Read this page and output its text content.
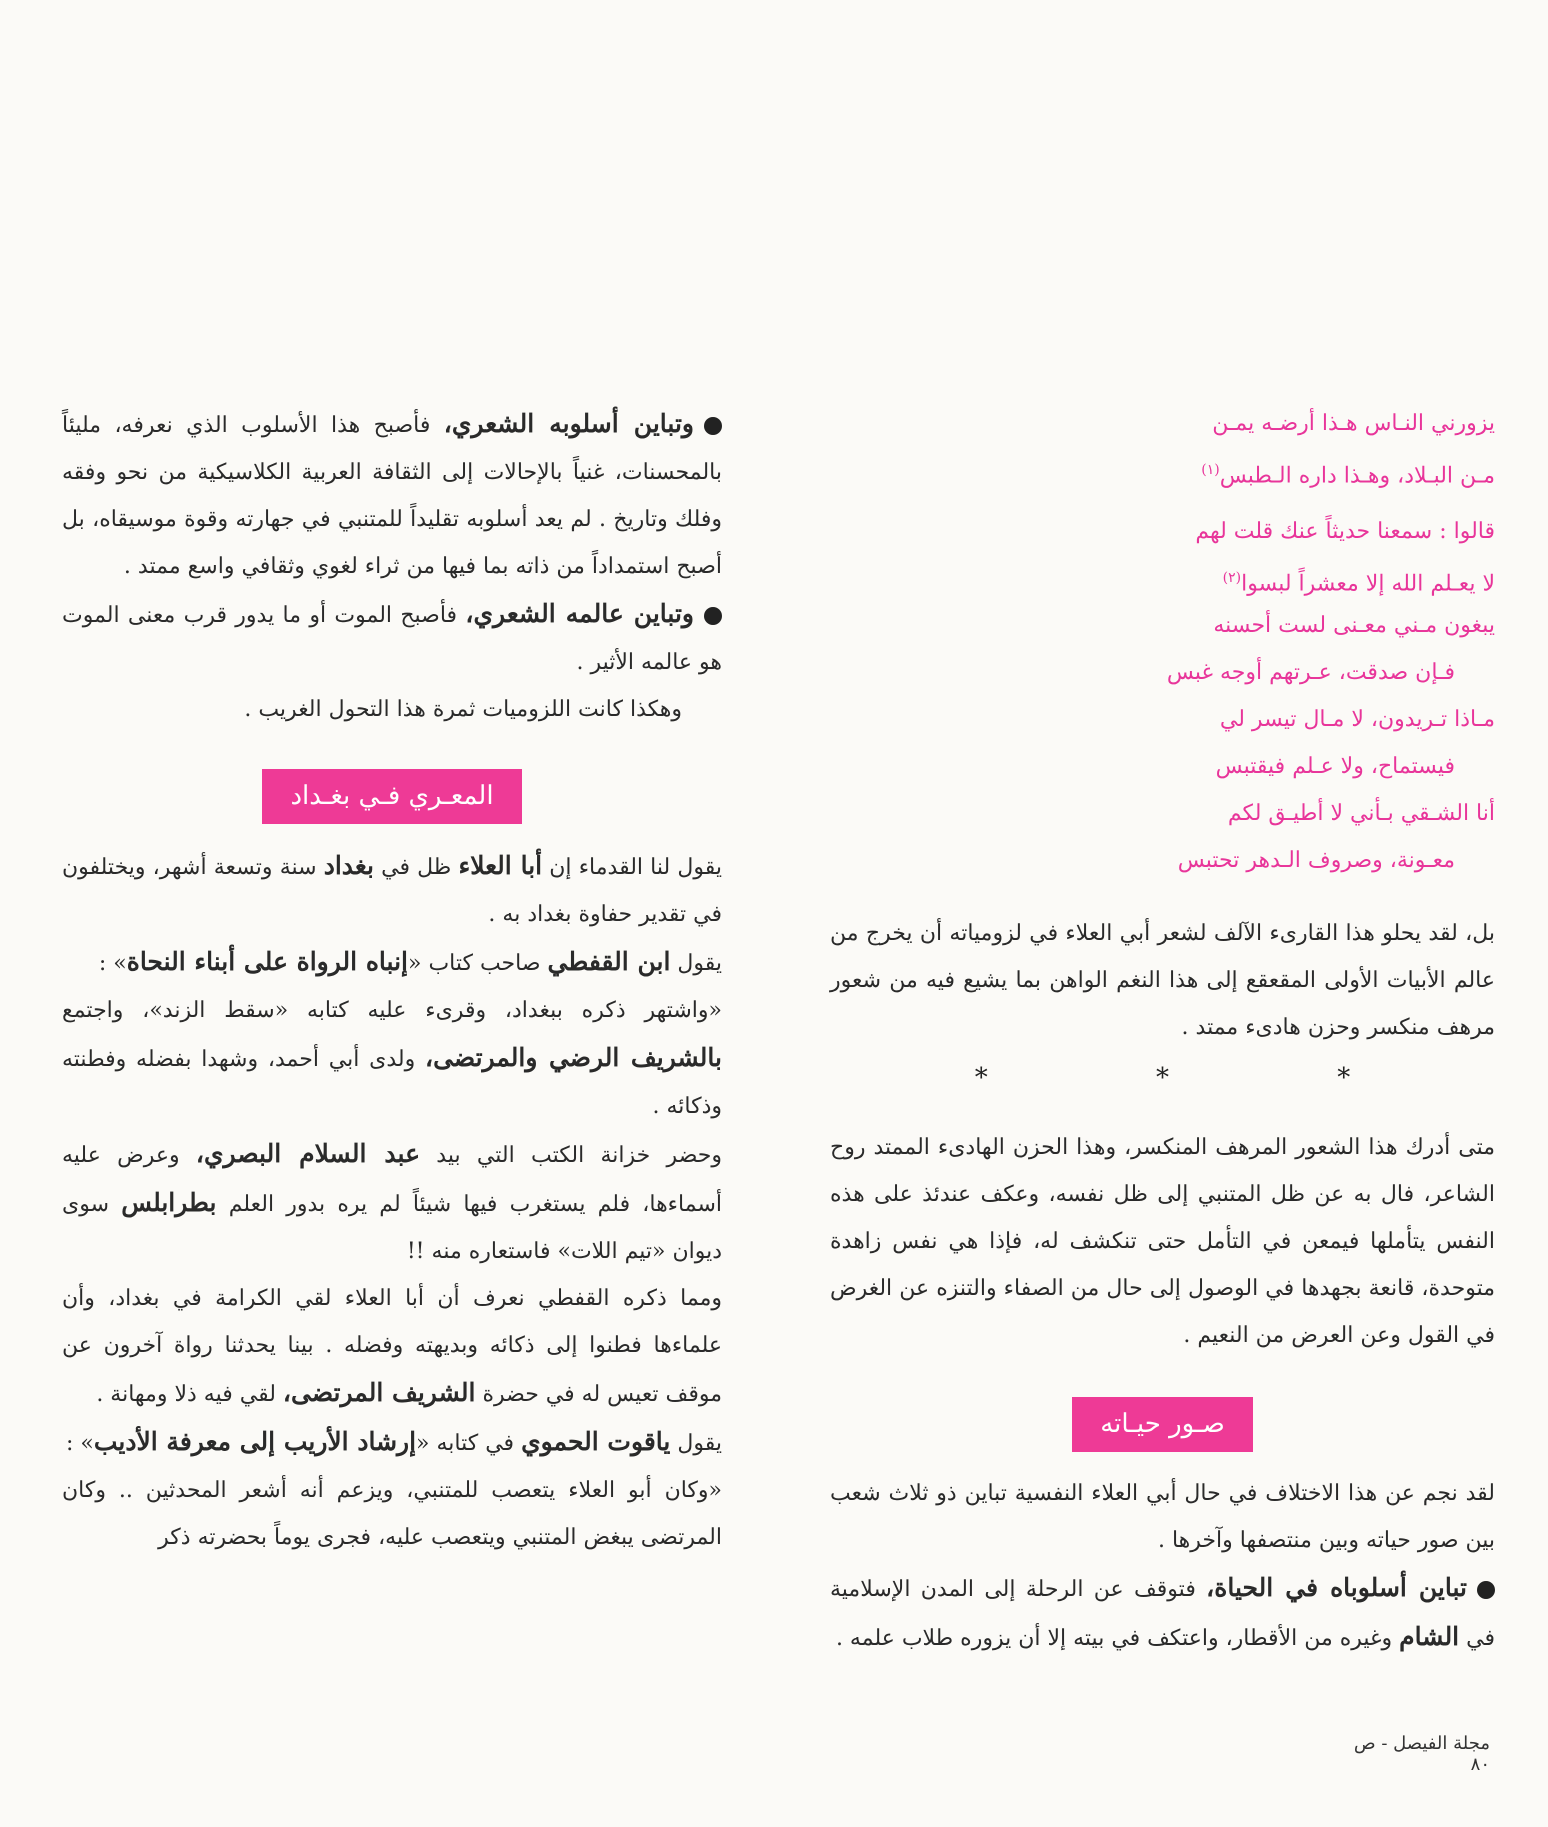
يزورني النـاس هـذا أرضـه يمـن
مـن البـلاد، وهـذا داره الـطبس$^{(١)}$
قالوا : سمعنا حديثاً عنك قلت لهم
لا يعـلم الله إلا معشراً لبسوا$^{(٢)}$
يبغون مـني معـنى لست أحسنه
فـإن صدقت، عـرتهم أوجه غبس
مـاذا تـريدون، لا مـال تيسر لي
فيستماح، ولا عـلم فيقتبس
أنا الشـقي بـأني لا أطيـق لكم
معـونة، وصروف الـدهر تحتبس

بل، لقد يحلو هذا القارىء الآلف لشعر أبي العلاء في لزومياته أن يخرج من عالم الأبيات الأولى المقعقع إلى هذا النغم الواهن بما يشيع فيه من شعور مرهف منكسر وحزن هادىء ممتد .

* * *

متى أدرك هذا الشعور المرهف المنكسر، وهذا الحزن الهادىء الممتد روح الشاعر، فال به عن ظل المتنبي إلى ظل نفسه، وعكف عندئذ على هذه النفس يتأملها فيمعن في التأمل حتى تنكشف له، فإذا هي نفس زاهدة متوحدة، قانعة بجهدها في الوصول إلى حال من الصفاء والتنزه عن الغرض في القول وعن العرض من النعيم .

صـور حيـاته

لقد نجم عن هذا الاختلاف في حال أبي العلاء النفسية تباين ذو ثلاث شعب بين صور حياته وبين منتصفها وآخرها .

تباين أسلوباه في الحياة، فتوقف عن الرحلة إلى المدن الإسلامية في الشام وغيره من الأقطار، واعتكف في بيته إلا أن يزوره طلاب علمه .

وتباين أسلوبه الشعري، فأصبح هذا الأسلوب الذي نعرفه، مليئاً بالمحسنات، غنياً بالإحالات إلى الثقافة العربية الكلاسيكية من نحو وفقه وفلك وتاريخ . لم يعد أسلوبه تقليداً للمتنبي في جهارته وقوة موسيقاه، بل أصبح استمداداً من ذاته بما فيها من ثراء لغوي وثقافي واسع ممتد .

وتباين عالمه الشعري، فأصبح الموت أو ما يدور قرب معنى الموت هو عالمه الأثير .

وهكذا كانت اللزوميات ثمرة هذا التحول الغريب .

المعـري فـي بغـداد

يقول لنا القدماء إن أبا العلاء ظل في بغداد سنة وتسعة أشهر، ويختلفون في تقدير حفاوة بغداد به .

يقول ابن القفطي صاحب كتاب «إنباه الرواة على أبناء النحاة» :

«واشتهر ذكره ببغداد، وقرىء عليه كتابه «سقط الزند»، واجتمع بالشريف الرضي والمرتضى، ولدى أبي أحمد، وشهدا بفضله وفطنته وذكائه .

وحضر خزانة الكتب التي بيد عبد السلام البصري، وعرض عليه أسماءها، فلم يستغرب فيها شيئاً لم يره بدور العلم بطرابلس سوى ديوان «تيم اللات» فاستعاره منه !!

ومما ذكره القفطي نعرف أن أبا العلاء لقي الكرامة في بغداد، وأن علماءها فطنوا إلى ذكائه وبديهته وفضله . بينا يحدثنا رواة آخرون عن موقف تعيس له في حضرة الشريف المرتضى، لقي فيه ذلا ومهانة .

يقول ياقوت الحموي في كتابه «إرشاد الأريب إلى معرفة الأديب» :

«وكان أبو العلاء يتعصب للمتنبي، ويزعم أنه أشعر المحدثين .. وكان المرتضى يبغض المتنبي ويتعصب عليه، فجرى يوماً بحضرته ذكر

مجلة الفيصل - ص ٨٠
